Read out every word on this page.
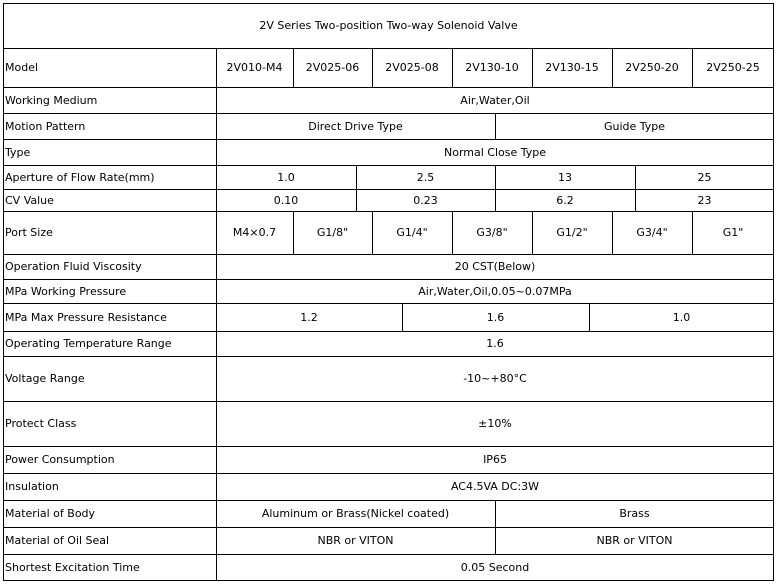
2V Series Two-position Two-way Solenoid Valve
Model	2V010-M4	2V025-06	2V025-08	2V130-10	2V130-15	2V250-20	2V250-25
Working Medium	Air,Water,Oil
Motion Pattern	Direct Drive Type	Guide Type
Type	Normal Close Type
Aperture of Flow Rate(mm)	1.0	2.5	13	25
CV Value	0.10	0.23	6.2	23
Port Size	M4×0.7	G1/8"	G1/4"	G3/8"	G1/2"	G3/4"	G1"
Operation Fluid Viscosity	20 CST(Below)
MPa Working Pressure	Air,Water,Oil,0.05~0.07MPa
MPa Max Pressure Resistance	1.2	1.6	1.0
Operating Temperature Range	1.6
Voltage Range	-10~+80°C
Protect Class	±10%
Power Consumption	IP65
Insulation	AC4.5VA DC:3W
Material of Body	Aluminum or Brass(Nickel coated)	Brass
Material of Oil Seal	NBR or VITON	NBR or VITON
Shortest Excitation Time	0.05 Second
